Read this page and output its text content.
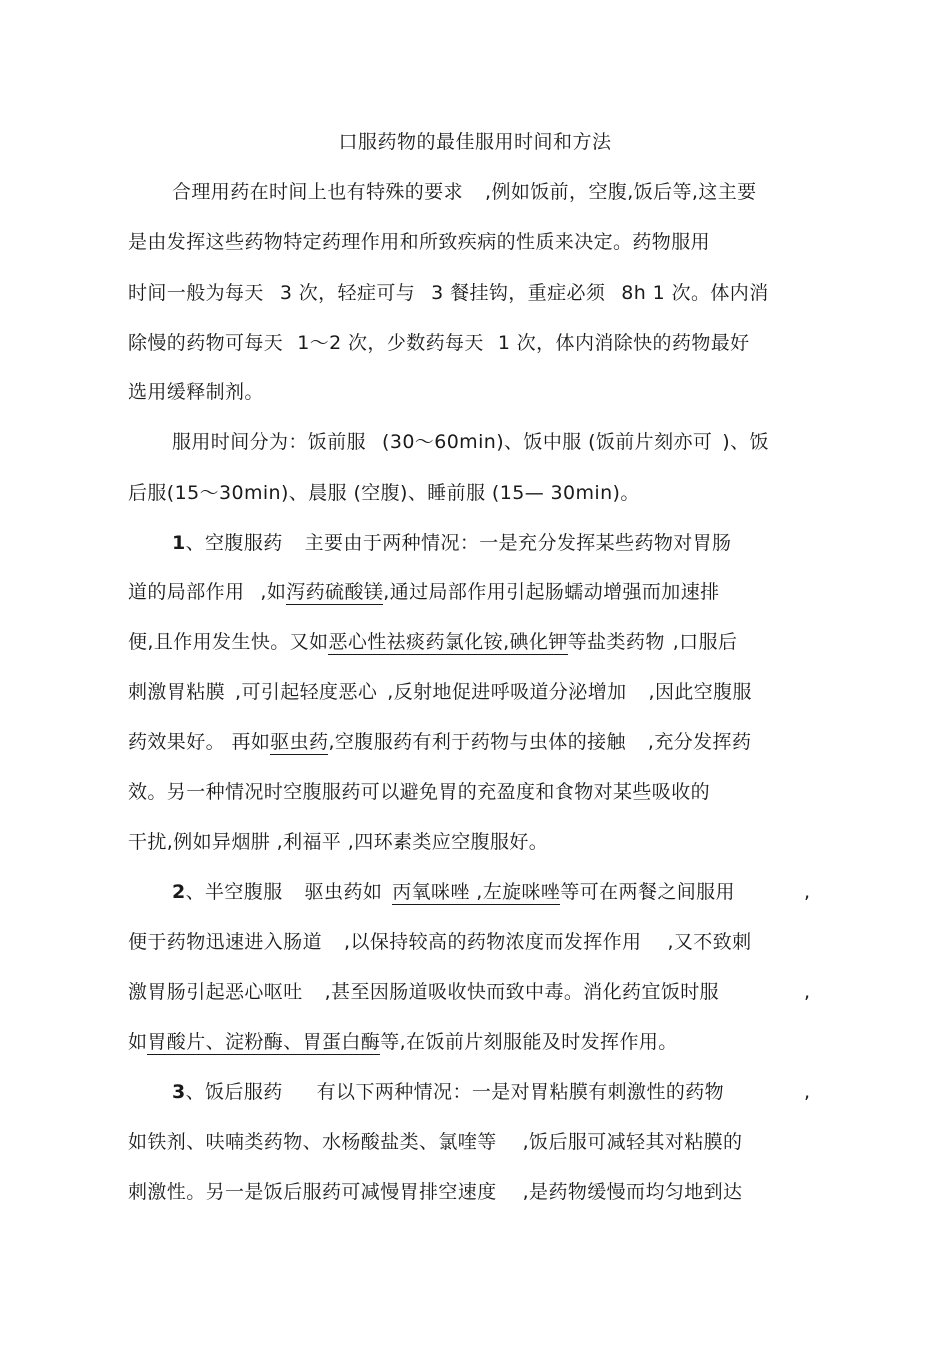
口服药物的最佳服用时间和方法
合理用药在时间上也有特殊的要求 ,例如饭前，空腹,饭后等,这主要
是由发挥这些药物特定药理作用和所致疾病的性质来决定。药物服用
时间一般为每天 3 次，轻症可与 3 餐挂钩，重症必须 8h 1 次。体内消
除慢的药物可每天 1～2 次，少数药每天 1 次，体内消除快的药物最好
选用缓释制剂。
服用时间分为：饭前服 (30～60min)、饭中服 (饭前片刻亦可 )、饭
后服(15～30min)、晨服 (空腹)、睡前服 (15— 30min)。
1、空腹服药 主要由于两种情况：一是充分发挥某些药物对胃肠
道的局部作用 ,如泻药硫酸镁,通过局部作用引起肠蠕动增强而加速排
便,且作用发生快。又如恶心性祛痰药氯化铵,碘化钾等盐类药物 ,口服后
刺激胃粘膜 ,可引起轻度恶心 ,反射地促进呼吸道分泌增加 ,因此空腹服
药效果好。 再如驱虫药,空腹服药有利于药物与虫体的接触 ,充分发挥药
效。另一种情况时空腹服药可以避免胃的充盈度和食物对某些吸收的
干扰,例如异烟肼 ,利福平 ,四环素类应空腹服好。
2、半空腹服 驱虫药如 丙氧咪唑 ,左旋咪唑等可在两餐之间服用	,
便于药物迅速进入肠道 ,以保持较高的药物浓度而发挥作用 ,又不致刺
激胃肠引起恶心呕吐 ,甚至因肠道吸收快而致中毒。消化药宜饭时服	,
如胃酸片、淀粉酶、胃蛋白酶等,在饭前片刻服能及时发挥作用。
3、饭后服药 有以下两种情况：一是对胃粘膜有刺激性的药物	,
如铁剂、呋喃类药物、水杨酸盐类、氯喹等 ,饭后服可减轻其对粘膜的
刺激性。另一是饭后服药可减慢胃排空速度 ,是药物缓慢而均匀地到达
